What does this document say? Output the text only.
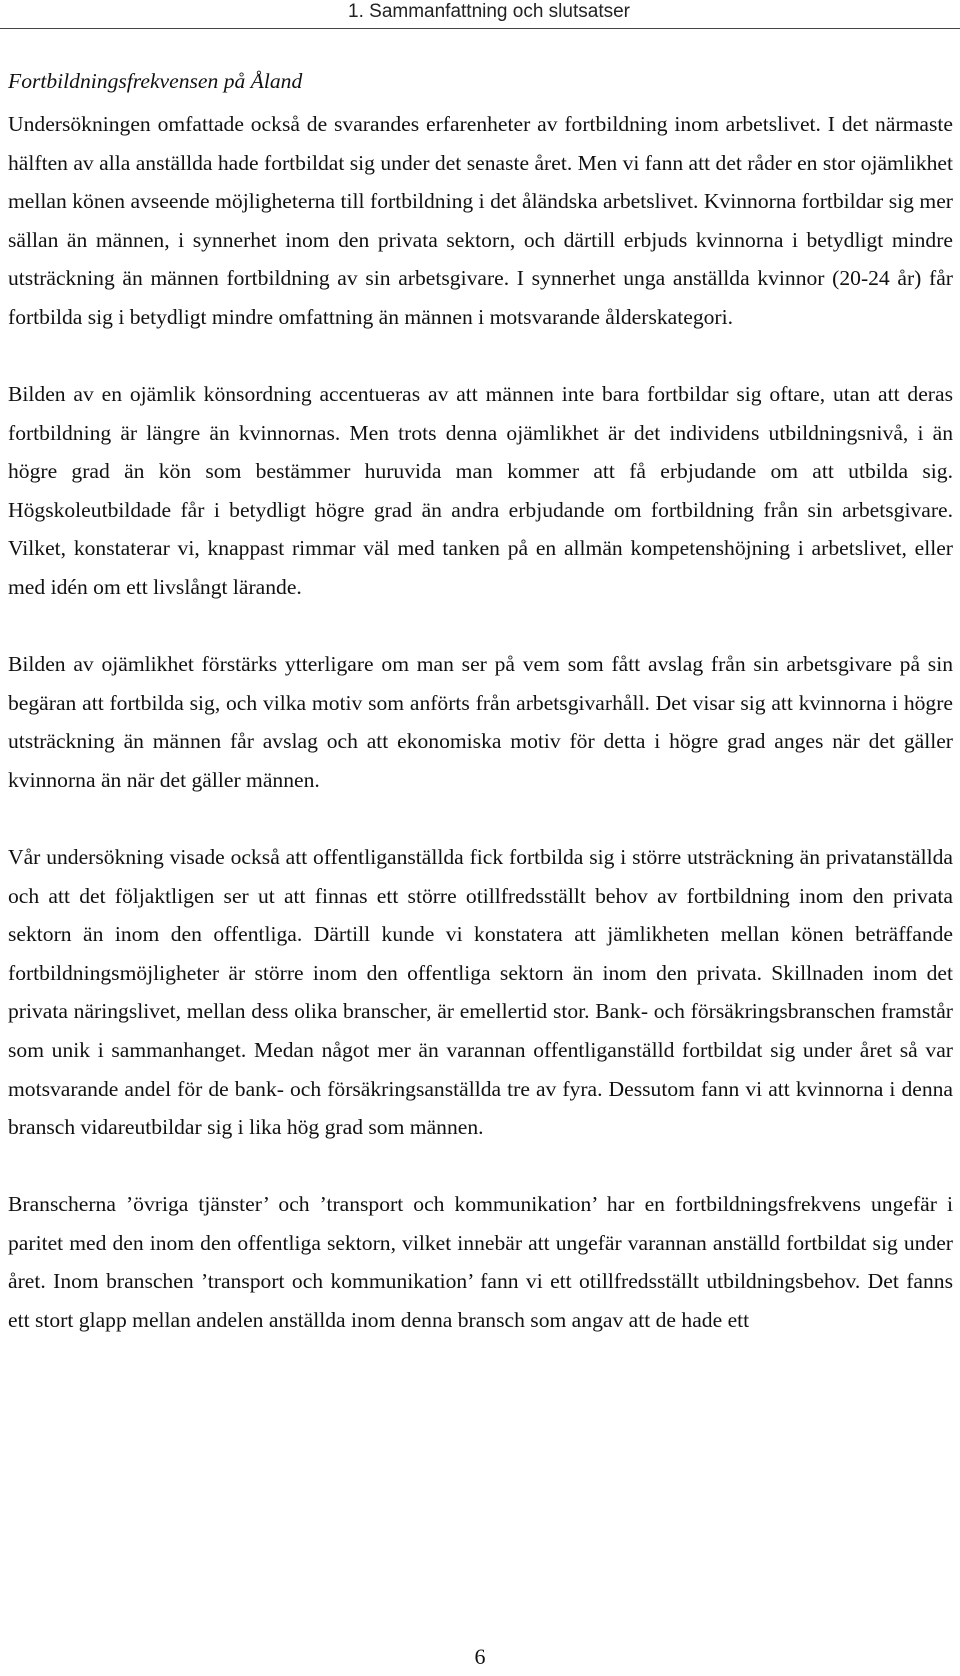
1. Sammanfattning och slutsatser
Fortbildningsfrekvensen på Åland

Undersökningen omfattade också de svarandes erfarenheter av fortbildning inom arbetslivet. I det närmaste hälften av alla anställda hade fortbildat sig under det senaste året. Men vi fann att det råder en stor ojämlikhet mellan könen avseende möjligheterna till fortbildning i det åländska arbetslivet. Kvinnorna fortbildar sig mer sällan än männen, i synnerhet inom den privata sektorn, och därtill erbjuds kvinnorna i betydligt mindre utsträckning än männen fortbildning av sin arbetsgivare. I synnerhet unga anställda kvinnor (20-24 år) får fortbilda sig i betydligt mindre omfattning än männen i motsvarande ålderskategori.

Bilden av en ojämlik könsordning accentueras av att männen inte bara fortbildar sig oftare, utan att deras fortbildning är längre än kvinnornas. Men trots denna ojämlikhet är det individens utbildningsnivå, i än högre grad än kön som bestämmer huruvida man kommer att få erbjudande om att utbilda sig. Högskoleutbildade får i betydligt högre grad än andra erbjudande om fortbildning från sin arbetsgivare. Vilket, konstaterar vi, knappast rimmar väl med tanken på en allmän kompetenshöjning i arbetslivet, eller med idén om ett livslångt lärande.

Bilden av ojämlikhet förstärks ytterligare om man ser på vem som fått avslag från sin arbetsgivare på sin begäran att fortbilda sig, och vilka motiv som anförts från arbetsgivarhåll. Det visar sig att kvinnorna i högre utsträckning än männen får avslag och att ekonomiska motiv för detta i högre grad anges när det gäller kvinnorna än när det gäller männen.

Vår undersökning visade också att offentliganställda fick fortbilda sig i större utsträckning än privatanställda och att det följaktligen ser ut att finnas ett större otillfredsställt behov av fortbildning inom den privata sektorn än inom den offentliga. Därtill kunde vi konstatera att jämlikheten mellan könen beträffande fortbildningsmöjligheter är större inom den offentliga sektorn än inom den privata. Skillnaden inom det privata näringslivet, mellan dess olika branscher, är emellertid stor. Bank- och försäkringsbranschen framstår som unik i sammanhanget. Medan något mer än varannan offentliganställd fortbildat sig under året så var motsvarande andel för de bank- och försäkringsanställda tre av fyra. Dessutom fann vi att kvinnorna i denna bransch vidareutbildar sig i lika hög grad som männen.

Branscherna ’övriga tjänster’ och ’transport och kommunikation’ har en fortbildningsfrekvens ungefär i paritet med den inom den offentliga sektorn, vilket innebär att ungefär varannan anställd fortbildat sig under året. Inom branschen ’transport och kommunikation’ fann vi ett otillfredsställt utbildningsbehov. Det fanns ett stort glapp mellan andelen anställda inom denna bransch som angav att de hade ett

6
